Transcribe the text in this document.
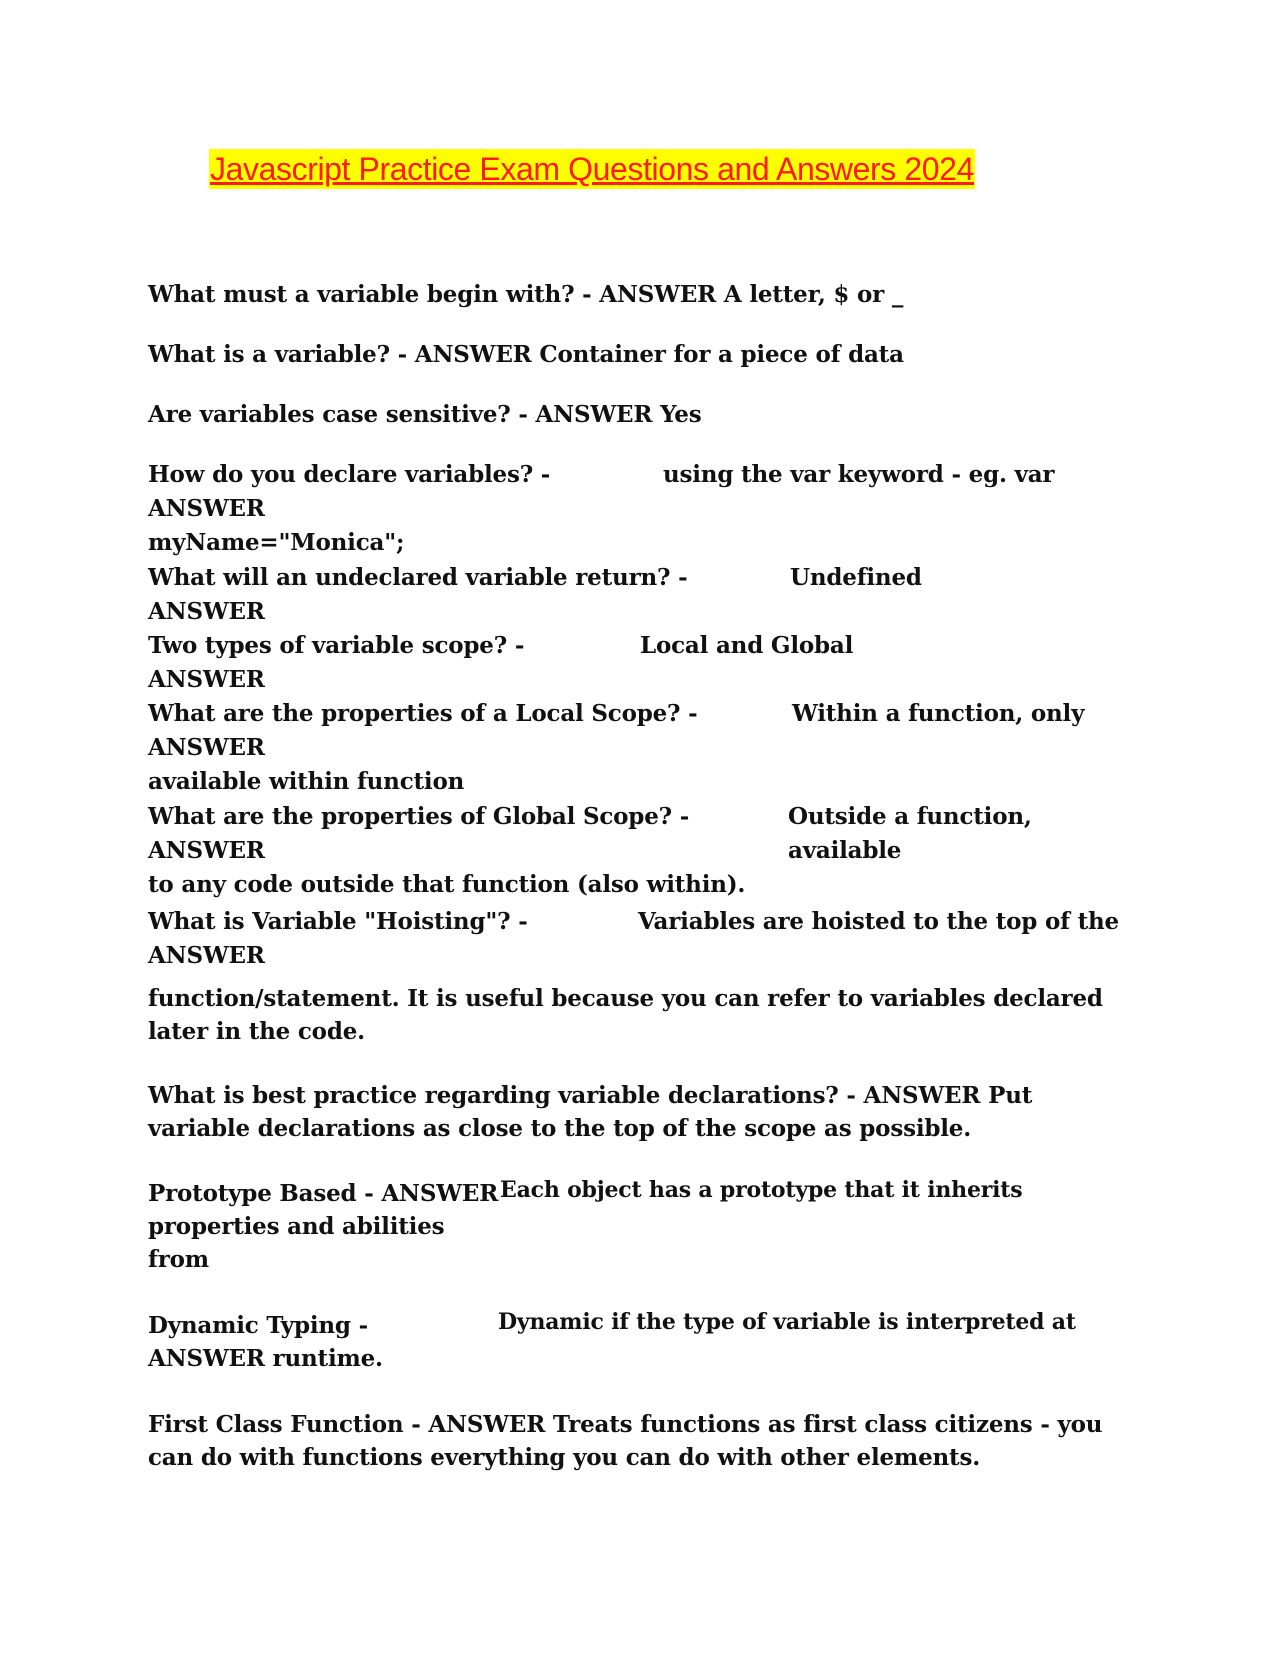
Javascript Practice Exam Questions and Answers 2024
What must a variable begin with? - ANSWER A letter, $ or _
What is a variable? - ANSWER Container for a piece of data
Are variables case sensitive? - ANSWER Yes
How do you declare variables? -	using the var keyword - eg. var
ANSWER
myName="Monica";
What will an undeclared variable return? -	Undefined
ANSWER
Two types of variable scope? -	Local and Global
ANSWER
What are the properties of a Local Scope? -	Within a function, only
ANSWER
available within function
What are the properties of Global Scope? -	Outside a function,
ANSWER	available
to any code outside that function (also within).
What is Variable "Hoisting"? -	Variables are hoisted to the top of the
ANSWER
function/statement. It is useful because you can refer to variables declared
later in the code.
What is best practice regarding variable declarations? - ANSWER Put
variable declarations as close to the top of the scope as possible.
Prototype Based - ANSWER Each object has a prototype that it inherits
properties and abilities
from
Dynamic Typing -	Dynamic if the type of variable is interpreted at
ANSWER runtime.
First Class Function - ANSWER Treats functions as first class citizens - you
can do with functions everything you can do with other elements.
